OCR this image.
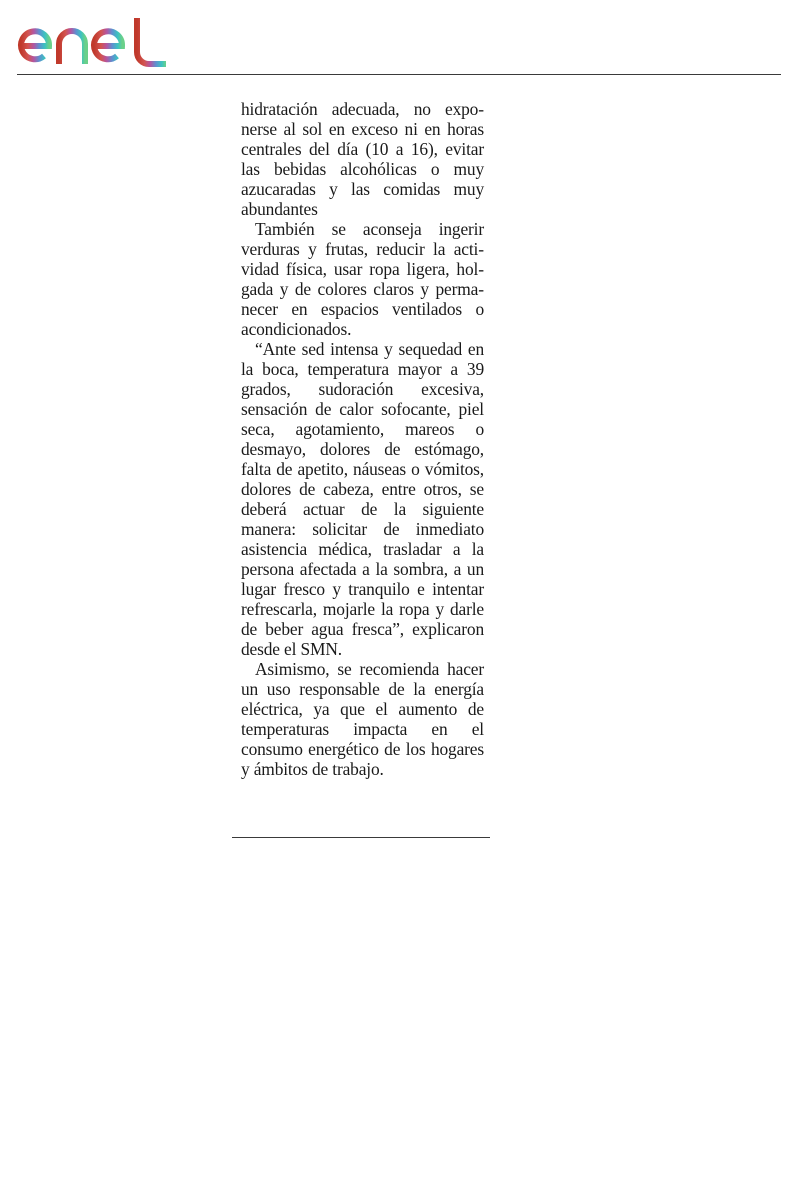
hidratación adecuada, no exponerse al sol en exceso ni en horas centrales del día (10 a 16), evitar las bebidas alcohólicas o muy azucaradas y las comidas muy abundantes

También se aconseja ingerir verduras y frutas, reducir la actividad física, usar ropa ligera, holgada y de colores claros y permanecer en espacios ventilados o acondicionados.

“Ante sed intensa y sequedad en la boca, temperatura mayor a 39 grados, sudoración excesiva, sensación de calor sofocante, piel seca, agotamiento, mareos o desmayo, dolores de estómago, falta de apetito, náuseas o vómitos, dolores de cabeza, entre otros, se deberá actuar de la siguiente manera: solicitar de inmediato asistencia médica, trasladar a la persona afectada a la sombra, a un lugar fresco y tranquilo e intentar refrescarla, mojarle la ropa y darle de beber agua fresca”, explicaron desde el SMN.

Asimismo, se recomienda hacer un uso responsable de la energía eléctrica, ya que el aumento de temperaturas impacta en el consumo energético de los hogares y ámbitos de trabajo.
